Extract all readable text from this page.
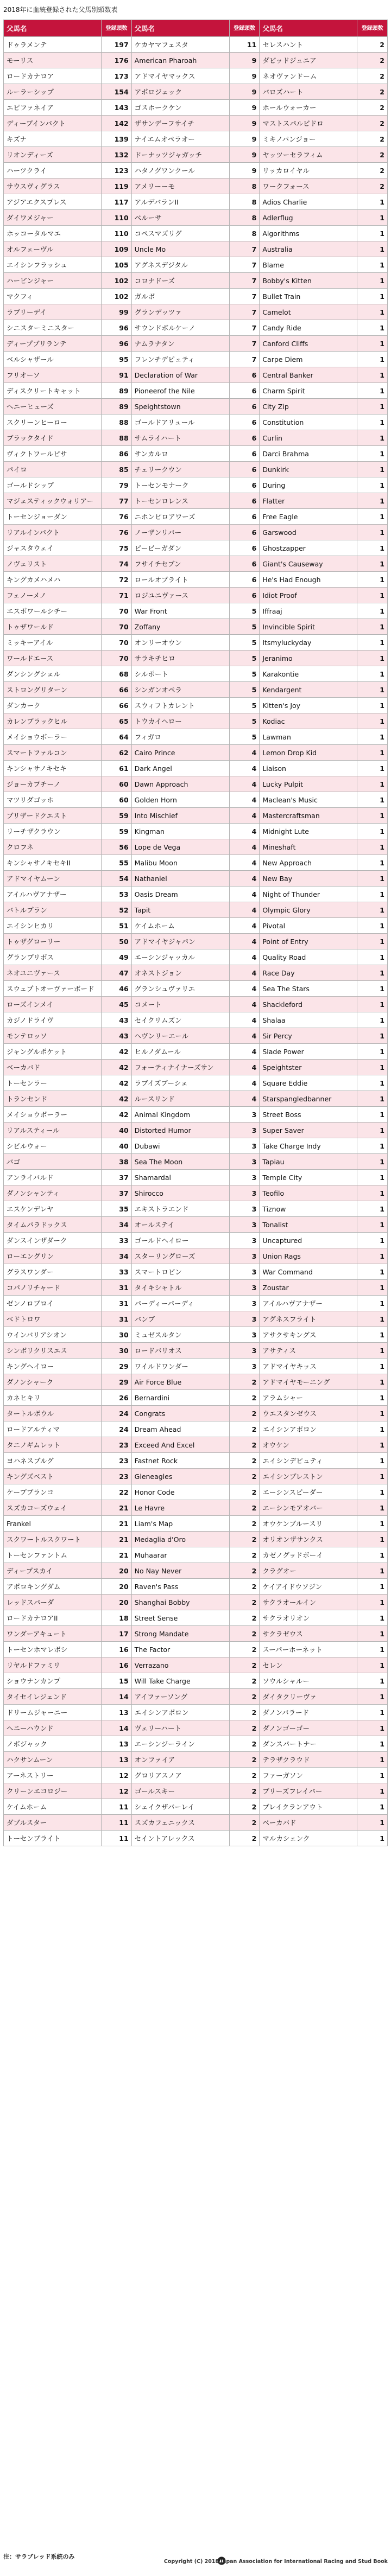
2018年に血統登録された父馬別頭数表
父馬名	登録頭数	父馬名	登録頭数	父馬名	登録頭数
ドゥラメンテ	197	ケカヤマフェスタ	11	セレスハント	2
モーリス	176	American Pharoah	9	ダビッドジュニア	2
ロードカナロア	173	アドマイヤマックス	9	ネオヴァンドーム	2
ルーラーシップ	154	アポロジェック	9	バロズハート	2
エピファネイア	143	ゴスホークケン	9	ホールウォーカー	2
ディープインパクト	142	ザサンデーフサイチ	9	マストスパルビドロ	2
キズナ	139	ナイエムオペラオー	9	ミキノパンジョー	2
リオンディーズ	132	ドーナッツジャガッチ	9	ヤッツーセラフィム	2
ハーツクライ	123	ハタノグワンクール	9	リッカロイヤル	2
サウスヴィグラス	119	アメリーーモ	8	ワークフォース	2
アジアエクスプレス	117	アルデバランII	8	Adios Charlie	1
ダイワメジャー	110	ベルーサ	8	Adlerflug	1
ホッコータルマエ	110	コペスマズリグ	8	Algorithms	1
オルフェーヴル	109	Uncle Mo	7	Australia	1
エイシンフラッシュ	105	アグネスデジタル	7	Blame	1
ハービンジャー	102	コロナドーズ	7	Bobby's Kitten	1
マクフィ	102	ガルボ	7	Bullet Train	1
ラブリーデイ	99	グランデッツァ	7	Camelot	1
シニスターミニスター	96	サウンドボルケーノ	7	Candy Ride	1
ディープブリランテ	96	ナムラナタン	7	Canford Cliffs	1
ベルシャザール	95	フレンチデピュティ	7	Carpe Diem	1
フリオーソ	91	Declaration of War	6	Central Banker	1
ディスクリートキャット	89	Pioneerof the Nile	6	Charm Spirit	1
ヘニーヒューズ	89	Speightstown	6	City Zip	1
スクリーンヒーロー	88	ゴールドアリュール	6	Constitution	1
ブラックタイド	88	サムライハート	6	Curlin	1
ヴィクトワールピサ	86	サンカルロ	6	Darci Brahma	1
パイロ	85	チェリークウン	6	Dunkirk	1
ゴールドシップ	79	トーセンモナーク	6	During	1
マジェスティックウォリアー	77	トーセンロレンス	6	Flatter	1
トーセンジョーダン	76	ニホンピロアワーズ	6	Free Eagle	1
リアルインパクト	76	ノーザンリバー	6	Garswood	1
ジャスタウェイ	75	ピービーガダン	6	Ghostzapper	1
ノヴェリスト	74	フサイチセブン	6	Giant's Causeway	1
キングカメハメハ	72	ロールオブライト	6	He's Had Enough	1
フェノーメノ	71	ロジユニヴァース	6	Idiot Proof	1
エスポワールシチー	70	War Front	5	Iffraaj	1
トゥザワールド	70	Zoffany	5	Invincible Spirit	1
ミッキーアイル	70	オンリーオウン	5	Itsmyluckyday	1
ワールドエース	70	サラキチヒロ	5	Jeranimo	1
ダンシングシェル	68	シルポート	5	Karakontie	1
ストロングリターン	66	シンガンオペラ	5	Kendargent	1
ダンカーク	66	スウィフトカレント	5	Kitten's Joy	1
カレンブラックヒル	65	トウカイヘロー	5	Kodiac	1
メイショウボーラー	64	フィガロ	5	Lawman	1
スマートファルコン	62	Cairo Prince	4	Lemon Drop Kid	1
キンシャサノキセキ	61	Dark Angel	4	Liaison	1
ジョーカプチーノ	60	Dawn Approach	4	Lucky Pulpit	1
マツリダゴッホ	60	Golden Horn	4	Maclean's Music	1
ブリザードクエスト	59	Into Mischief	4	Mastercraftsman	1
リーチザクラウン	59	Kingman	4	Midnight Lute	1
クロフネ	56	Lope de Vega	4	Mineshaft	1
キンシャサノキセキII	55	Malibu Moon	4	New Approach	1
アドマイヤムーン	54	Nathaniel	4	New Bay	1
アイルハヴアナザー	53	Oasis Dream	4	Night of Thunder	1
バトルプラン	52	Tapit	4	Olympic Glory	1
エイシンヒカリ	51	ケイムホーム	4	Pivotal	1
トゥザグローリー	50	アドマイヤジャパン	4	Point of Entry	1
グランプリボス	49	エーシンジャッカル	4	Quality Road	1
ネオユニヴァース	47	オネストジョン	4	Race Day	1
スウェプトオーヴァーボード	46	グランシュヴァリエ	4	Sea The Stars	1
ローズインメイ	45	コメート	4	Shackleford	1
カジノドライヴ	43	セイクリムズン	4	Shalaa	1
モンテロッソ	43	ヘヴンリーエール	4	Sir Percy	1
ジャングルポケット	42	ヒルノダムール	4	Slade Power	1
ベーカバド	42	フォーティナイナーズサン	4	Speightster	1
トーセンラー	42	ラブイズブーシェ	4	Square Eddie	1
トランセンド	42	ルースリンド	4	Starspangledbanner	1
メイショウボーラー	42	Animal Kingdom	3	Street Boss	1
リアルスティール	40	Distorted Humor	3	Super Saver	1
シビルウォー	40	Dubawi	3	Take Charge Indy	1
バゴ	38	Sea The Moon	3	Tapiau	1
アンライバルド	37	Shamardal	3	Temple City	1
ダノンシャンティ	37	Shirocco	3	Teofilo	1
エスケンデレヤ	35	エキストラエンド	3	Tiznow	1
タイムパラドックス	34	オールステイ	3	Tonalist	1
ダンスインザダーク	33	ゴールドヘイロー	3	Uncaptured	1
ローエングリン	34	スターリングローズ	3	Union Rags	1
グラスワンダー	33	スマートロビン	3	War Command	1
コパノリチャード	31	タイキシャトル	3	Zoustar	1
ゼンノロブロイ	31	パーディーパーディ	3	アイルハヴアナザー	1
ベドトロワ	31	バンブ	3	アグネスフライト	1
ウインバリアシオン	30	ミュゼスルタン	3	アサクサキングス	1
シンボリクリスエス	30	ロードバリオス	3	アサティス	1
キングヘイロー	29	ワイルドワンダー	3	アドマイヤキッス	1
ダノンシャーク	29	Air Force Blue	2	アドマイヤモーニング	1
カネヒキリ	26	Bernardini	2	アラムシャー	1
タートルボウル	24	Congrats	2	ウエスタンゼウス	1
ロードアルティマ	24	Dream Ahead	2	エイシンアポロン	1
タニノギムレット	23	Exceed And Excel	2	オウケン	1
ヨハネスブルグ	23	Fastnet Rock	2	エイシンデピュティ	1
キングズベスト	23	Gleneagles	2	エイシンプレストン	1
ケープブランコ	22	Honor Code	2	エーシンスピーダー	1
スズカコーズウェイ	21	Le Havre	2	エーシンモアオバー	1
Frankel	21	Liam's Map	2	オウケンブルースリ	1
スクワートルスクワート	21	Medaglia d'Oro	2	オリオンザサンクス	1
トーセンファントム	21	Muhaarar	2	カゼノグッドボーイ	1
ディープスカイ	20	No Nay Never	2	クラグオー	1
アポロキングダム	20	Raven's Pass	2	ケイアイドウソジン	1
レッドスパーダ	20	Shanghai Bobby	2	サクラオールイン	1
ロードカナロアII	18	Street Sense	2	サクラオリオン	1
ワンダーアキュート	17	Strong Mandate	2	サクラゼウス	1
トーセンホマレボシ	16	The Factor	2	スーパーホーネット	1
リヤルドファミリ	16	Verrazano	2	セレン	1
ショウナンカンプ	15	Will Take Charge	2	ソウルシャルー	1
タイセイレジェンド	14	アイファーソング	2	ダイタクリーヴァ	1
ドリームジャーニー	13	エイシンアポロン	2	ダノンバラード	1
ヘニーハウンド	14	ヴェリーハート	2	ダノンゴーゴー	1
ノボジャック	13	エーシンジーライン	2	ダンスパートナー	1
ハクサンムーン	13	オンファイア	2	テラザクラウド	1
アーネストリー	12	グロリアスノア	2	ファーガソン	1
クリーンエコロジー	12	ゴールスキー	2	ブリーズフレイバー	1
ケイムホーム	11	シェイクザバーレイ	2	ブレイクランアウト	1
ダブルスター	11	スズカフェニックス	2	ベーカバド	1
トーセンブライト	11	セイントアレックス	2	マルカシェンク	1
注：サラブレッド系統のみ
Copyright (C) 2018 Japan Association for International Racing and Stud Book
